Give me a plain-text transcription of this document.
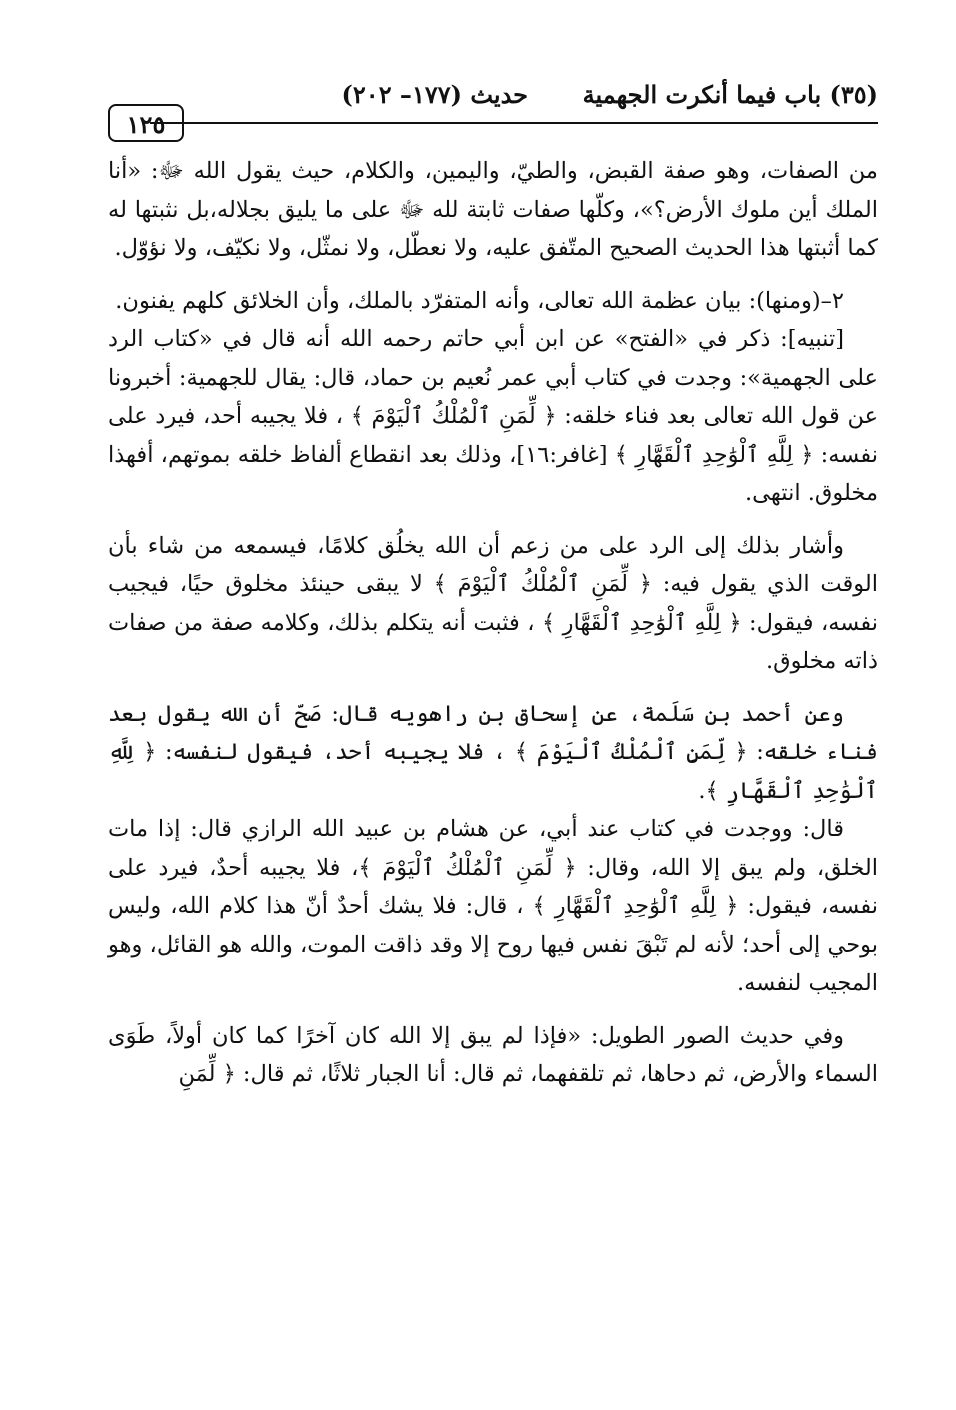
(٣٥) باب فيما أنكرت الجهمية
حديث (١٧٧– ٢٠٢)
١٢٥

من الصفات، وهو صفة القبض، والطيّ، واليمين، والكلام، حيث يقول الله ﷻ: «أنا الملك أين ملوك الأرض؟»، وكلّها صفات ثابتة لله ﷻ على ما يليق بجلاله،بل نثبتها له كما أثبتها هذا الحديث الصحيح المتّفق عليه، ولا نعطّل، ولا نمثّل، ولا نكيّف، ولا نؤوّل.

٢–(ومنها): بيان عظمة الله تعالى، وأنه المتفرّد بالملك، وأن الخلائق كلهم يفنون.

[تنبيه]: ذكر في «الفتح» عن ابن أبي حاتم رحمه الله أنه قال في «كتاب الرد على الجهمية»: وجدت في كتاب أبي عمر نُعيم بن حماد، قال: يقال للجهمية: أخبرونا عن قول الله تعالى بعد فناء خلقه: ﴿ لِّمَنِ ٱلْمُلْكُ ٱلْيَوْمَ ﴾ ، فلا يجيبه أحد، فيرد على نفسه: ﴿ لِلَّهِ ٱلْوَٰحِدِ ٱلْقَهَّارِ ﴾ [غافر:١٦]، وذلك بعد انقطاع ألفاظ خلقه بموتهم، أفهذا مخلوق. انتهى.

وأشار بذلك إلى الرد على من زعم أن الله يخلُق كلامًا، فيسمعه من شاء بأن الوقت الذي يقول فيه: ﴿ لِّمَنِ ٱلْمُلْكُ ٱلْيَوْمَ ﴾ لا يبقى حينئذ مخلوق حيًا، فيجيب نفسه، فيقول: ﴿ لِلَّهِ ٱلْوَٰحِدِ ٱلْقَهَّارِ ﴾ ، فثبت أنه يتكلم بذلك، وكلامه صفة من صفات ذاته مخلوق.

وعن أحمد بن سَلَمة، عن إسحاق بن راهويه قال: صَحّ أن الله يقول بعد فناء خلقه: ﴿ لِّمَنِ ٱلْمُلْكُ ٱلْيَوْمَ ﴾ ، فلا يجيبه أحد، فيقول لنفسه: ﴿ لِلَّهِ ٱلْوَٰحِدِ ٱلْقَهَّارِ ﴾.

قال: ووجدت في كتاب عند أبي، عن هشام بن عبيد الله الرازي قال: إذا مات الخلق، ولم يبق إلا الله، وقال: ﴿ لِّمَنِ ٱلْمُلْكُ ٱلْيَوْمَ ﴾، فلا يجيبه أحدٌ، فيرد على نفسه، فيقول: ﴿ لِلَّهِ ٱلْوَٰحِدِ ٱلْقَهَّارِ ﴾ ، قال: فلا يشك أحدٌ أنّ هذا كلام الله، وليس بوحي إلى أحد؛ لأنه لم تَبْقَ نفس فيها روح إلا وقد ذاقت الموت، والله هو القائل، وهو المجيب لنفسه.

وفي حديث الصور الطويل: «فإذا لم يبق إلا الله كان آخرًا كما كان أولاً، طَوَى السماء والأرض، ثم دحاها، ثم تلقفهما، ثم قال: أنا الجبار ثلاثًا، ثم قال: ﴿ لِّمَنِ
